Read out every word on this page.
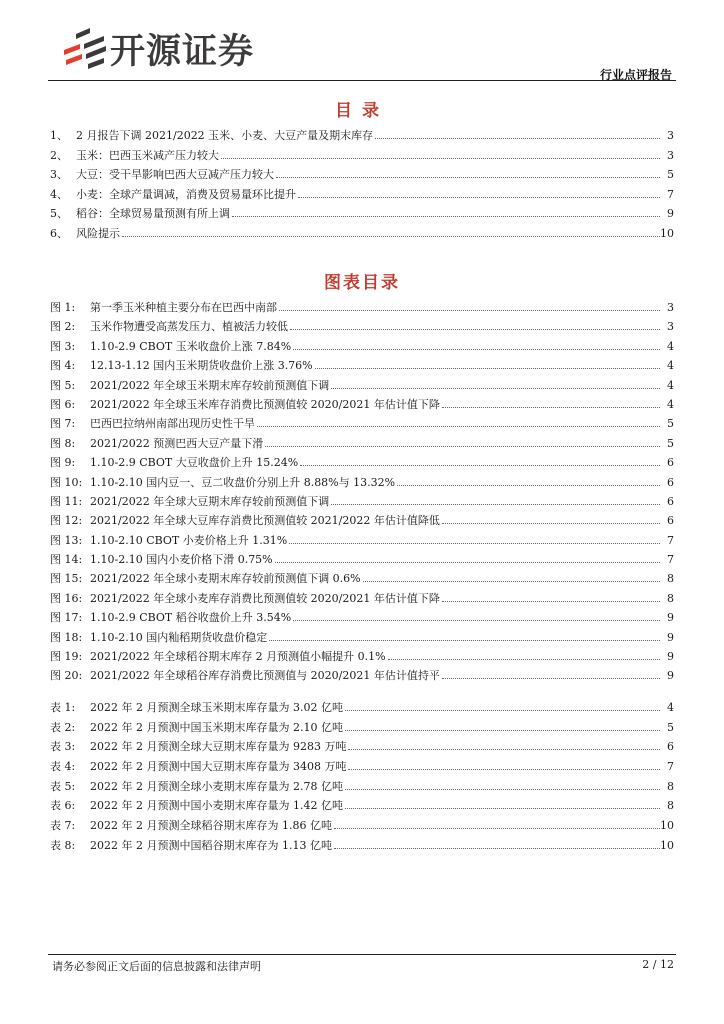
开源证券
行业点评报告
目录
1、 2 月报告下调 2021/2022 玉米、小麦、大豆产量及期末库存	3
2、 玉米：巴西玉米减产压力较大	3
3、 大豆：受干旱影响巴西大豆减产压力较大	5
4、 小麦：全球产量调减，消费及贸易量环比提升	7
5、 稻谷：全球贸易量预测有所上调	9
6、 风险提示	10
图表目录
图 1: 第一季玉米种植主要分布在巴西中南部	3
图 2: 玉米作物遭受高蒸发压力、植被活力较低	3
图 3: 1.10-2.9 CBOT 玉米收盘价上涨 7.84%	4
图 4: 12.13-1.12 国内玉米期货收盘价上涨 3.76%	4
图 5: 2021/2022 年全球玉米期末库存较前预测值下调	4
图 6: 2021/2022 年全球玉米库存消费比预测值较 2020/2021 年估计值下降	4
图 7: 巴西巴拉纳州南部出现历史性干旱	5
图 8: 2021/2022 预测巴西大豆产量下滑	5
图 9: 1.10-2.9 CBOT 大豆收盘价上升 15.24%	6
图 10: 1.10-2.10 国内豆一、豆二收盘价分别上升 8.88%与 13.32%	6
图 11: 2021/2022 年全球大豆期末库存较前预测值下调	6
图 12: 2021/2022 年全球大豆库存消费比预测值较 2021/2022 年估计值降低	6
图 13: 1.10-2.10 CBOT 小麦价格上升 1.31%	7
图 14: 1.10-2.10 国内小麦价格下滑 0.75%	7
图 15: 2021/2022 年全球小麦期末库存较前预测值下调 0.6%	8
图 16: 2021/2022 年全球小麦库存消费比预测值较 2020/2021 年估计值下降	8
图 17: 1.10-2.9 CBOT 稻谷收盘价上升 3.54%	9
图 18: 1.10-2.10 国内籼稻期货收盘价稳定	9
图 19: 2021/2022 年全球稻谷期末库存 2 月预测值小幅提升 0.1%	9
图 20: 2021/2022 年全球稻谷库存消费比预测值与 2020/2021 年估计值持平	9
表 1: 2022 年 2 月预测全球玉米期末库存量为 3.02 亿吨	4
表 2: 2022 年 2 月预测中国玉米期末库存量为 2.10 亿吨	5
表 3: 2022 年 2 月预测全球大豆期末库存量为 9283 万吨	6
表 4: 2022 年 2 月预测中国大豆期末库存量为 3408 万吨	7
表 5: 2022 年 2 月预测全球小麦期末库存量为 2.78 亿吨	8
表 6: 2022 年 2 月预测中国小麦期末库存量为 1.42 亿吨	8
表 7: 2022 年 2 月预测全球稻谷期末库存为 1.86 亿吨	10
表 8: 2022 年 2 月预测中国稻谷期末库存为 1.13 亿吨	10
请务必参阅正文后面的信息披露和法律声明	2 / 12
